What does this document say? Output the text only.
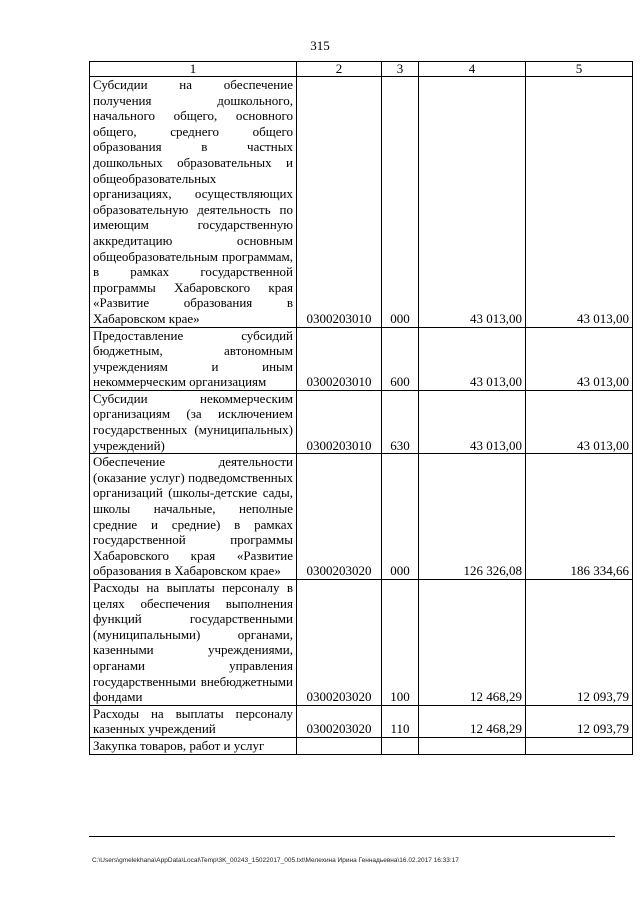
315
1	2	3	4	5
Субсидии на обеспечение получения дошкольного, начального общего, основного общего, среднего общего образования в частных дошкольных образовательных и общеобразовательных организациях, осуществляющих образовательную деятельность по имеющим государственную аккредитацию основным общеобразовательным программам, в рамках государственной программы Хабаровского края «Развитие образования в Хабаровском крае»	0300203010	000	43 013,00	43 013,00
Предоставление субсидий бюджетным, автономным учреждениям и иным некоммерческим организациям	0300203010	600	43 013,00	43 013,00
Субсидии некоммерческим организациям (за исключением государственных (муниципальных) учреждений)	0300203010	630	43 013,00	43 013,00
Обеспечение деятельности (оказание услуг) подведомственных организаций (школы-детские сады, школы начальные, неполные средние и средние) в рамках государственной программы Хабаровского края «Развитие образования в Хабаровском крае»	0300203020	000	126 326,08	186 334,66
Расходы на выплаты персоналу в целях обеспечения выполнения функций государственными (муниципальными) органами, казенными учреждениями, органами управления государственными внебюджетными фондами	0300203020	100	12 468,29	12 093,79
Расходы на выплаты персоналу казенных учреждений	0300203020	110	12 468,29	12 093,79
Закупка товаров, работ и услуг				
C:\Users\gmelekhana\AppData\Local\Temp\3K_00243_15022017_005.txt\Мелехина Ирина Геннадьевна\16.02.2017 16:33:17
